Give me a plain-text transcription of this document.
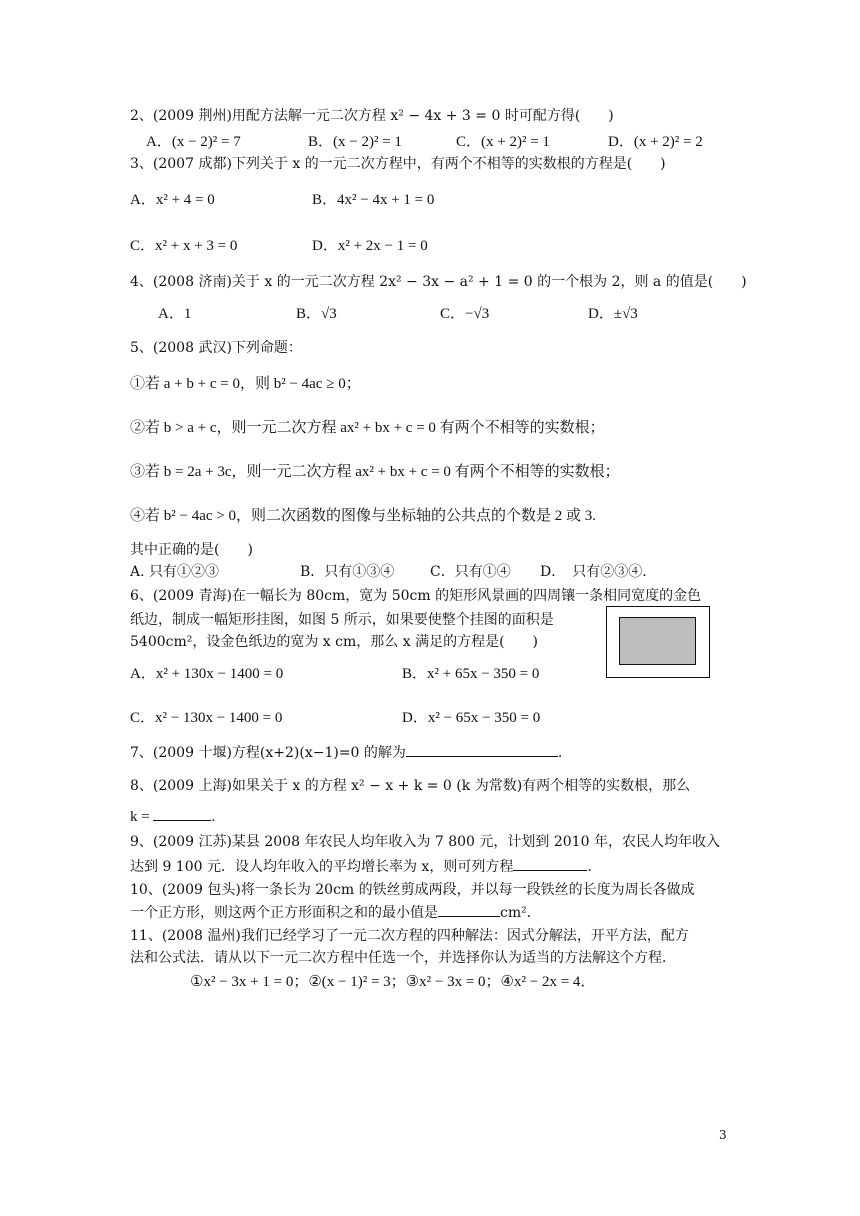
2、(2009 荆州)用配方法解一元二次方程 x² − 4x + 3 = 0 时可配方得(　　)
A．(x − 2)² = 7	B．(x − 2)² = 1	C．(x + 2)² = 1	D．(x + 2)² = 2
3、(2007 成都)下列关于 x 的一元二次方程中，有两个不相等的实数根的方程是(　　)
A．x² + 4 = 0	B．4x² − 4x + 1 = 0
C．x² + x + 3 = 0	D．x² + 2x − 1 = 0
4、(2008 济南)关于 x 的一元二次方程 2x² − 3x − a² + 1 = 0 的一个根为 2，则 a 的值是(　　)
A．1	B．√3	C．−√3	D．±√3
5、(2008 武汉)下列命题：
①若 a + b + c = 0，则 b² − 4ac ≥ 0；
②若 b > a + c，则一元二次方程 ax² + bx + c = 0 有两个不相等的实数根；
③若 b = 2a + 3c，则一元二次方程 ax² + bx + c = 0 有两个不相等的实数根；
④若 b² − 4ac > 0，则二次函数的图像与坐标轴的公共点的个数是 2 或 3.
其中正确的是(　　)
A. 只有①②③	B．只有①③④	C．只有①④ D．　只有②③④.
6、(2009 青海)在一幅长为 80cm，宽为 50cm 的矩形风景画的四周镶一条相同宽度的金色
纸边，制成一幅矩形挂图，如图 5 所示，如果要使整个挂图的面积是
5400cm²，设金色纸边的宽为 x cm，那么 x 满足的方程是(　　)
A．x² + 130x − 1400 = 0	B．x² + 65x − 350 = 0
C．x² − 130x − 1400 = 0	D．x² − 65x − 350 = 0
7、(2009 十堰)方程(x+2)(x−1)=0 的解为	.
8、(2009 上海)如果关于 x 的方程 x² − x + k = 0 (k 为常数)有两个相等的实数根，那么
k =	.
9、(2009 江苏)某县 2008 年农民人均年收入为 7 800 元，计划到 2010 年，农民人均年收入
达到 9 100 元．设人均年收入的平均增长率为 x，则可列方程	.
10、(2009 包头)将一条长为 20cm 的铁丝剪成两段，并以每一段铁丝的长度为周长各做成
一个正方形，则这两个正方形面积之和的最小值是	cm².
11、(2008 温州)我们已经学习了一元二次方程的四种解法：因式分解法，开平方法，配方
法和公式法．请从以下一元二次方程中任选一个，并选择你认为适当的方法解这个方程．
①x² − 3x + 1 = 0；②(x − 1)² = 3；③x² − 3x = 0；④x² − 2x = 4．
3
